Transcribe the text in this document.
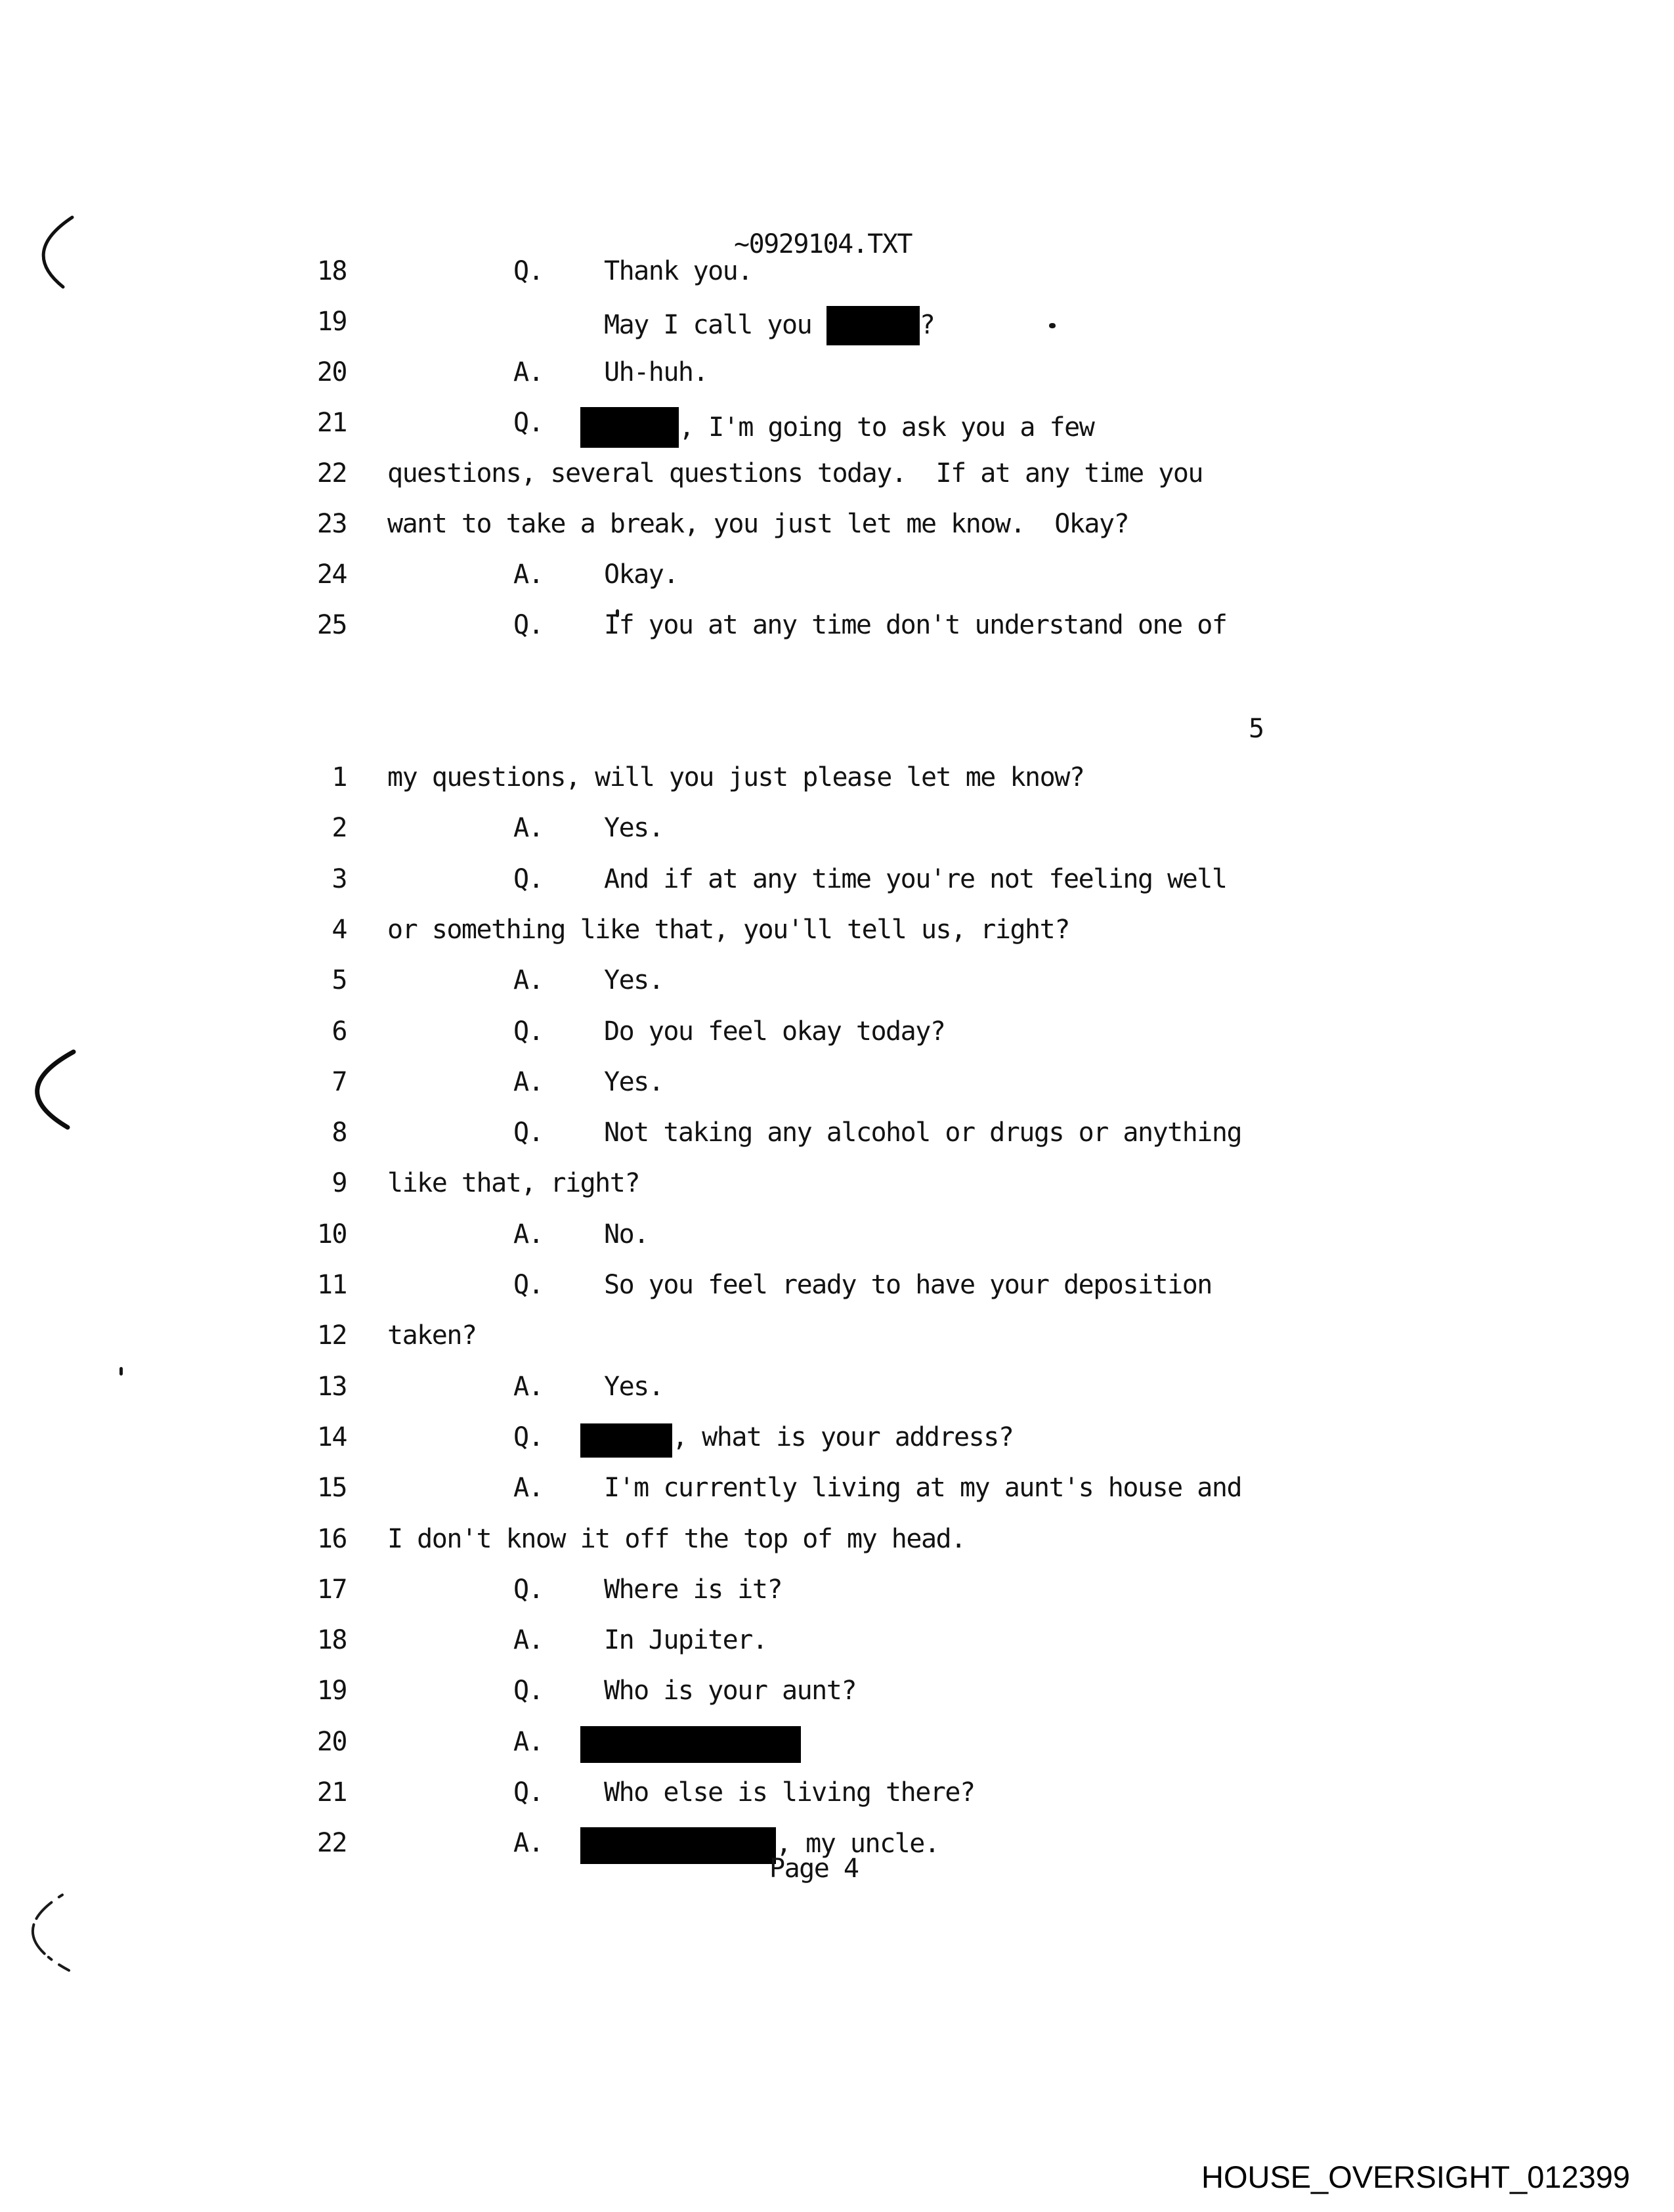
~0929104.TXT
18	Q. Thank you.
19	May I call you	?
20	A. Uh-huh.
21	Q.	, I'm going to ask you a few
22 questions, several questions today.  If at any time you
23 want to take a break, you just let me know.  Okay?
24	A. Okay.
25	Q. If you at any time don't understand one of
5
1 my questions, will you just please let me know?
2	A. Yes.
3	Q. And if at any time you're not feeling well
4 or something like that, you'll tell us, right?
5	A. Yes.
6	Q. Do you feel okay today?
7	A. Yes.
8	Q. Not taking any alcohol or drugs or anything
9 like that, right?
10	A. No.
11	Q. So you feel ready to have your deposition
12 taken?
13	A. Yes.
14	Q.	, what is your address?
15	A. I'm currently living at my aunt's house and
16 I don't know it off the top of my head.
17	Q. Where is it?
18	A. In Jupiter.
19	Q. Who is your aunt?
20	A.
21	Q. Who else is living there?
22	A.	, my uncle.
Page 4
HOUSE_OVERSIGHT_012399
